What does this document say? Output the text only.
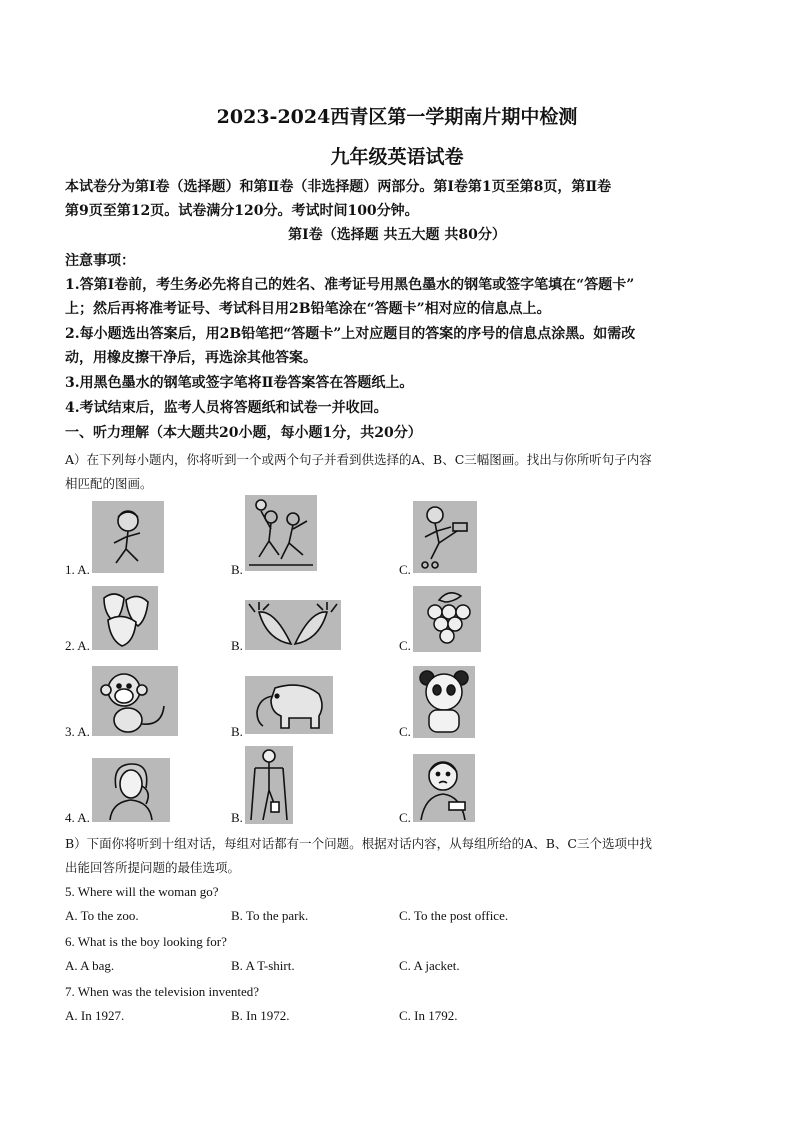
2023-2024西青区第一学期南片期中检测
九年级英语试卷
本试卷分为第Ⅰ卷（选择题）和第Ⅱ卷（非选择题）两部分。第Ⅰ卷第1页至第8页，第Ⅱ卷
第9页至第12页。试卷满分120分。考试时间100分钟。
第Ⅰ卷（选择题 共五大题 共80分）
注意事项：
1.答第Ⅰ卷前，考生务必先将自己的姓名、准考证号用黑色墨水的钢笔或签字笔填在“答题卡”
上；然后再将准考证号、考试科目用2B铅笔涂在“答题卡”相对应的信息点上。
2.每小题选出答案后，用2B铅笔把“答题卡”上对应题目的答案的序号的信息点涂黑。如需改
动，用橡皮擦干净后，再选涂其他答案。
3.用黑色墨水的钢笔或签字笔将Ⅱ卷答案答在答题纸上。
4.考试结束后，监考人员将答题纸和试卷一并收回。
一、听力理解（本大题共20小题，每小题1分，共20分）
A）在下列每小题内，你将听到一个或两个句子并看到供选择的A、B、C三幅图画。找出与你所听句子内容
相匹配的图画。
1. A.	B.	C.
2. A.	B.	C.
3. A.	B.	C.
4. A.	B.	C.
B）下面你将听到十组对话，每组对话都有一个问题。根据对话内容，从每组所给的A、B、C三个选项中找
出能回答所提问题的最佳选项。
5. Where will the woman go?
A. To the zoo.	B. To the park.	C. To the post office.
6. What is the boy looking for?
A. A bag.	B. A T-shirt.	C. A jacket.
7. When was the television invented?
A. In 1927.	B. In 1972.	C. In 1792.
